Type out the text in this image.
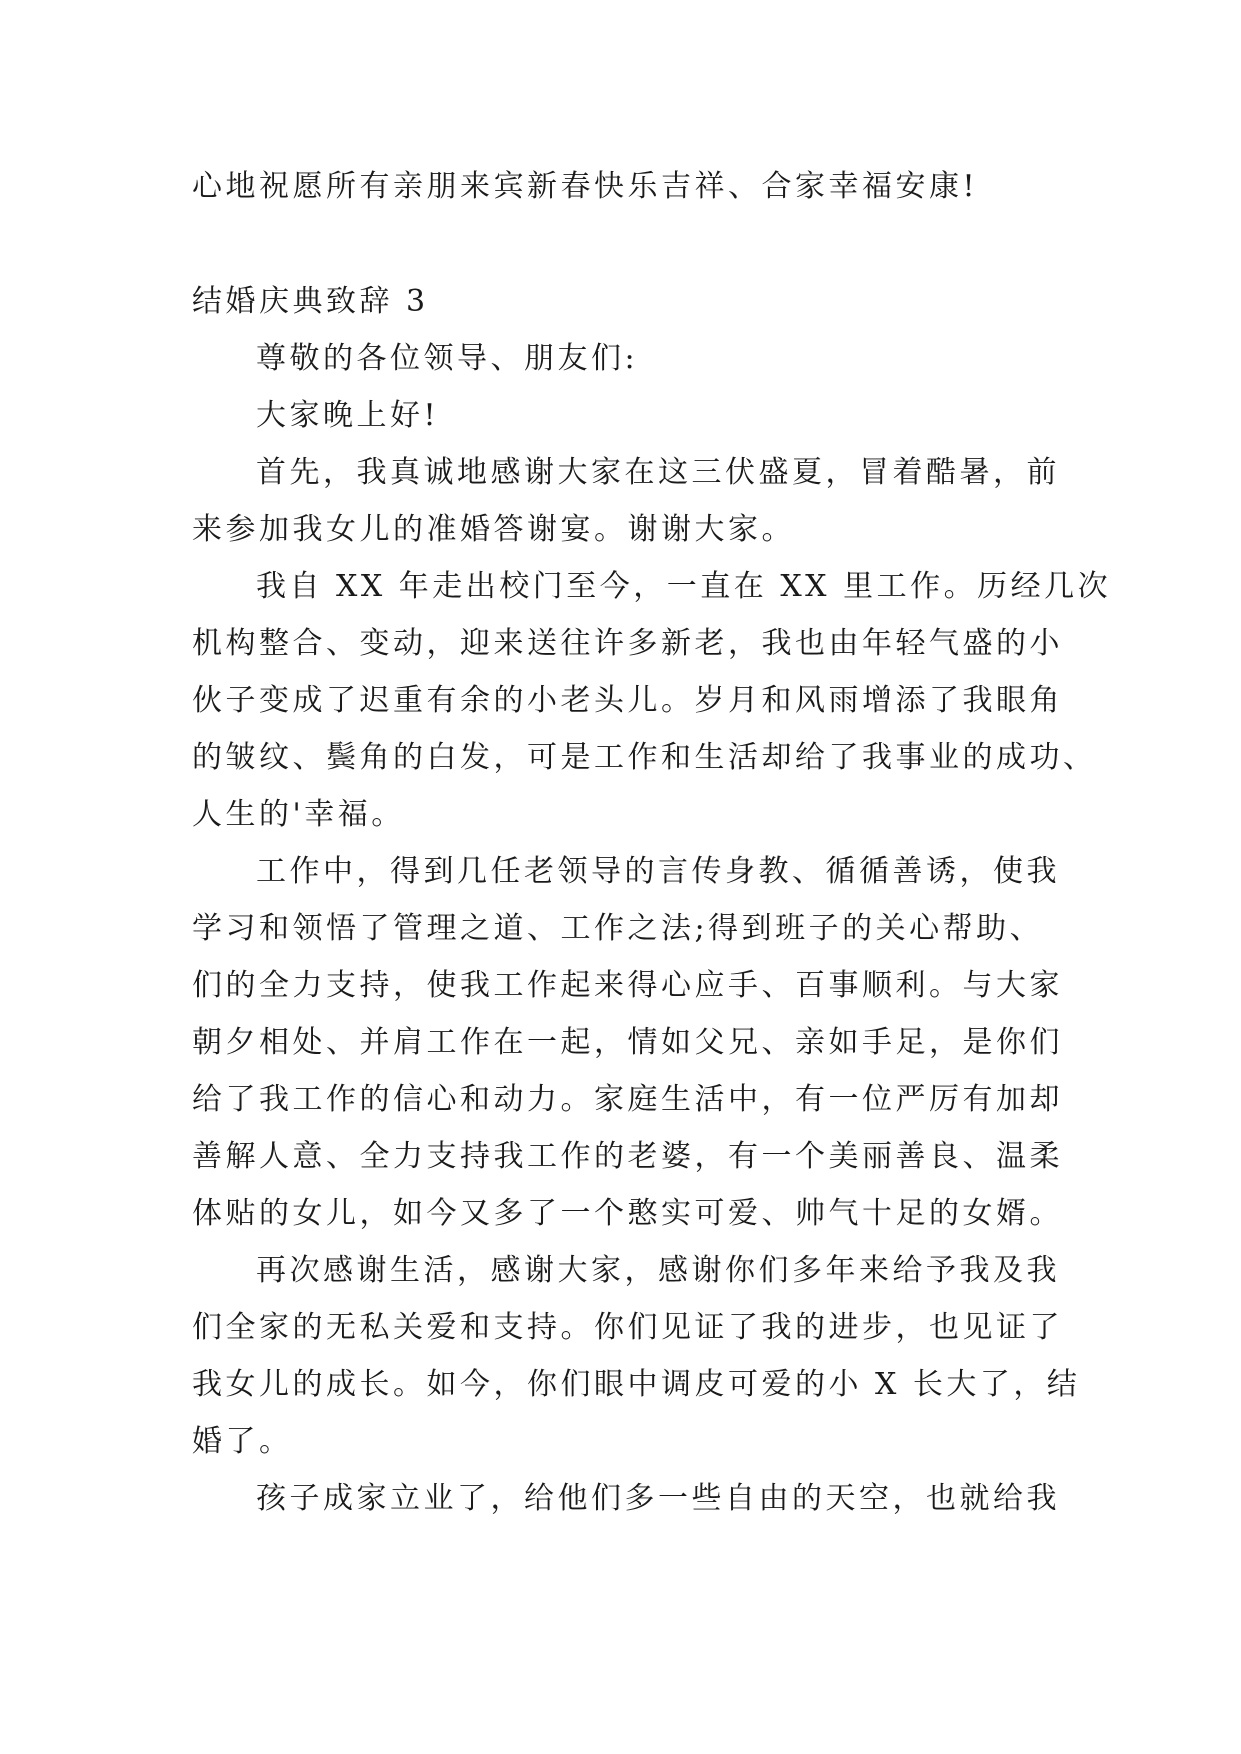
心地祝愿所有亲朋来宾新春快乐吉祥、合家幸福安康!

结婚庆典致辞 3

尊敬的各位领导、朋友们:

大家晚上好!

首先，我真诚地感谢大家在这三伏盛夏，冒着酷暑，前

来参加我女儿的准婚答谢宴。谢谢大家。

我自 XX 年走出校门至今，一直在 XX 里工作。历经几次

机构整合、变动，迎来送往许多新老，我也由年轻气盛的小

伙子变成了迟重有余的小老头儿。岁月和风雨增添了我眼角

的皱纹、鬓角的白发，可是工作和生活却给了我事业的成功、

人生的'幸福。

工作中，得到几任老领导的言传身教、循循善诱，使我

学习和领悟了管理之道、工作之法;得到班子的关心帮助、

们的全力支持，使我工作起来得心应手、百事顺利。与大家

朝夕相处、并肩工作在一起，情如父兄、亲如手足，是你们

给了我工作的信心和动力。家庭生活中，有一位严厉有加却

善解人意、全力支持我工作的老婆，有一个美丽善良、温柔

体贴的女儿，如今又多了一个憨实可爱、帅气十足的女婿。

再次感谢生活，感谢大家，感谢你们多年来给予我及我

们全家的无私关爱和支持。你们见证了我的进步，也见证了

我女儿的成长。如今，你们眼中调皮可爱的小 X 长大了，结

婚了。

孩子成家立业了，给他们多一些自由的天空，也就给我
